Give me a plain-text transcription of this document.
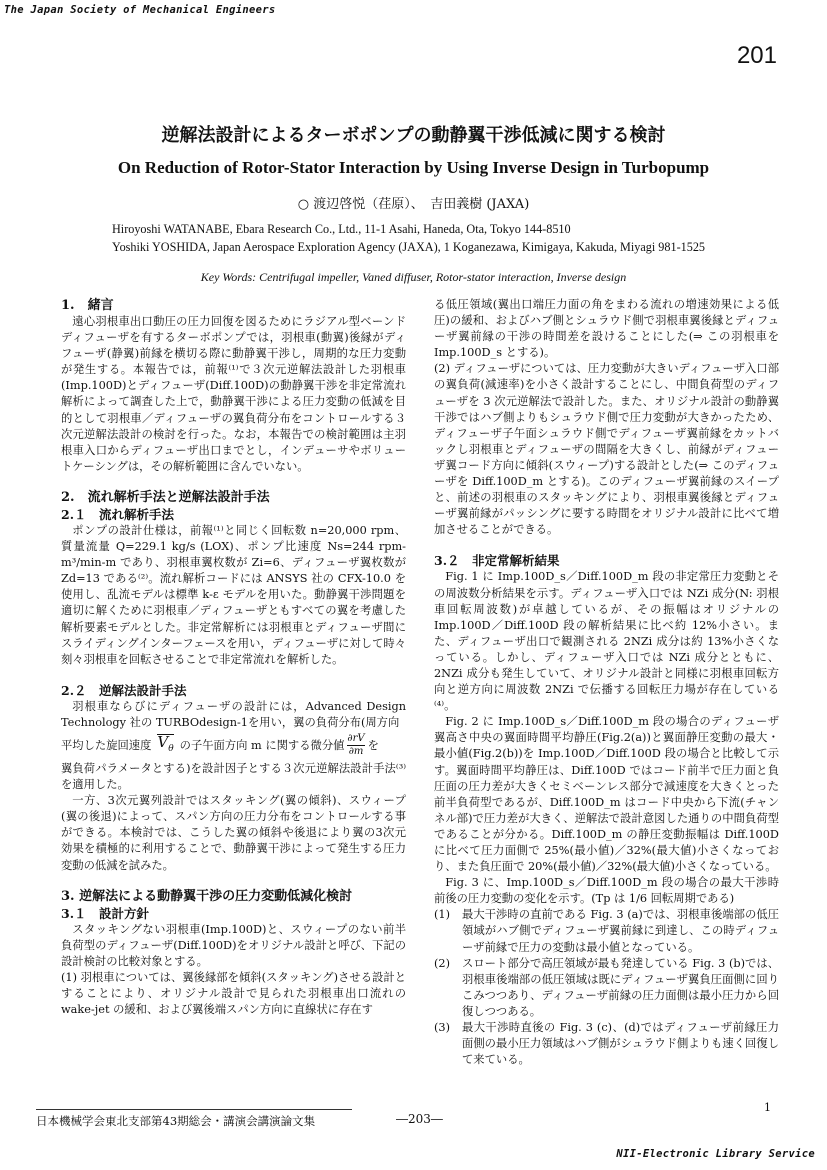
The Japan Society of Mechanical Engineers
201
逆解法設計によるターボポンプの動静翼干渉低減に関する検討
On Reduction of Rotor-Stator Interaction by Using Inverse Design in Turbopump
○ 渡辺啓悦（荏原）、　吉田義樹 (JAXA)
Hiroyoshi WATANABE, Ebara Research Co., Ltd., 11-1 Asahi, Haneda, Ota, Tokyo 144-8510
Yoshiki YOSHIDA, Japan Aerospace Exploration Agency (JAXA), 1 Koganezawa, Kimigaya, Kakuda, Miyagi 981-1525
Key Words: Centrifugal impeller, Vaned diffuser, Rotor-stator interaction, Inverse design

1.　緒言

遠心羽根車出口動圧の圧力回復を図るためにラジアル型ベーンドディフューザを有するターボポンプでは，羽根車(動翼)後縁がディフューザ(静翼)前縁を横切る際に動静翼干渉し，周期的な圧力変動が発生する。本報告では，前報⁽¹⁾で３次元逆解法設計した羽根車(Imp.100D)とディフューザ(Diff.100D)の動静翼干渉を非定常流れ解析によって調査した上で，動静翼干渉による圧力変動の低減を目的として羽根車／ディフューザの翼負荷分布をコントロールする３次元逆解法設計の検討を行った。なお，本報告での検討範囲は主羽根車入口からディフューザ出口までとし，インデューサやボリュートケーシングは，その解析範囲に含んでいない。

2.　流れ解析手法と逆解法設計手法

2.１　流れ解析手法

ポンプの設計仕様は，前報⁽¹⁾と同じく回転数 n=20,000 rpm、質量流量 Q=229.1 kg/s (LOX)、ポンプ比速度 Ns=244 rpm-m³/min-m であり、羽根車翼枚数が Zi=6、ディフューザ翼枚数が Zd=13 である⁽²⁾。流れ解析コードには ANSYS 社の CFX-10.0 を使用し、乱流モデルは標準 k-ε モデルを用いた。動静翼干渉問題を適切に解くために羽根車／ディフューザともすべての翼を考慮した解析要素モデルとした。非定常解析には羽根車とディフューザ間にスライディングインターフェースを用い，ディフューザに対して時々刻々羽根車を回転させることで非定常流れを解析した。

2.２　逆解法設計手法

羽根車ならびにディフューザの設計には，Advanced Design Technology 社の TURBOdesign-1を用い，翼の負荷分布(周方向

平均した旋回速度 $V_\theta$ の子午面方向 m に関する微分値 $\frac{\partial rV}{\partial m}$ を

翼負荷パラメータとする)を設計因子とする３次元逆解法設計手法⁽³⁾を適用した。

一方、3次元翼列設計ではスタッキング(翼の傾斜)、スウィープ(翼の後退)によって、スパン方向の圧力分布をコントロールする事ができる。本検討では、こうした翼の傾斜や後退により翼の3次元効果を積極的に利用することで、動静翼干渉によって発生する圧力変動の低減を試みた。

3. 逆解法による動静翼干渉の圧力変動低減化検討

3.１　設計方針

スタッキングない羽根車(Imp.100D)と、スウィープのない前半負荷型のディフューザ(Diff.100D)をオリジナル設計と呼び、下記の設計検討の比較対象とする。

(1) 羽根車については、翼後縁部を傾斜(スタッキング)させる設計とすることにより、オリジナル設計で見られた羽根車出口流れの wake-jet の緩和、および翼後端スパン方向に直線状に存在す

る低圧領域(翼出口端圧力面の角をまわる流れの増速効果による低圧)の緩和、およびハブ側とシュラウド側で羽根車翼後縁とディフューザ翼前縁の干渉の時間差を設けることにした(⇒ この羽根車を Imp.100D_s とする)。

(2) ディフューザについては、圧力変動が大きいディフューザ入口部の翼負荷(減速率)を小さく設計することにし、中間負荷型のディフューザを 3 次元逆解法で設計した。また、オリジナル設計の動静翼干渉ではハブ側よりもシュラウド側で圧力変動が大きかったため、ディフューザ子午面シュラウド側でディフューザ翼前縁をカットバックし羽根車とディフューザの間隔を大きくし、前縁がディフューザ翼コード方向に傾斜(スウィープ)する設計とした(⇒ このディフューザを Diff.100D_m とする)。このディフューザ翼前縁のスイープと、前述の羽根車のスタッキングにより、羽根車翼後縁とディフューザ翼前縁がパッシングに要する時間をオリジナル設計に比べて増加させることができる。

3.２　非定常解析結果

Fig. 1 に Imp.100D_s／Diff.100D_m 段の非定常圧力変動とその周波数分析結果を示す。ディフューザ入口では NZi 成分(N: 羽根車回転周波数)が卓越しているが、その振幅はオリジナルの Imp.100D／Diff.100D 段の解析結果に比べ約 12%小さい。また、ディフューザ出口で観測される 2NZi 成分は約 13%小さくなっている。しかし、ディフューザ入口では NZi 成分とともに、2NZi 成分も発生していて、オリジナル設計と同様に羽根車回転方向と逆方向に周波数 2NZi で伝播する回転圧力場が存在している⁽⁴⁾。

Fig. 2 に Imp.100D_s／Diff.100D_m 段の場合のディフューザ翼高さ中央の翼面時間平均静圧(Fig.2(a))と翼面静圧変動の最大・最小値(Fig.2(b))を Imp.100D／Diff.100D 段の場合と比較して示す。翼面時間平均静圧は、Diff.100D ではコード前半で圧力面と負圧面の圧力差が大きくセミベーンレス部分で減速度を大きくとった前半負荷型であるが、Diff.100D_m はコード中央から下流(チャンネル部)で圧力差が大きく、逆解法で設計意図した通りの中間負荷型であることが分かる。Diff.100D_m の静圧変動振幅は Diff.100D に比べて圧力面側で 25%(最小値)／32%(最大値)小さくなっており、また負圧面で 20%(最小値)／32%(最大値)小さくなっている。

Fig. 3 に、Imp.100D_s／Diff.100D_m 段の場合の最大干渉時前後の圧力変動の変化を示す。(Tp は 1/6 回転周期である)

(1)	最大干渉時の直前である Fig. 3 (a)では、羽根車後端部の低圧領域がハブ側でディフューザ翼前縁に到達し、この時ディフューザ前縁で圧力の変動は最小値となっている。
(2)	スロート部分で高圧領域が最も発達している Fig. 3 (b)では、羽根車後端部の低圧領域は既にディフューザ翼負圧面側に回りこみつつあり、ディフューザ前縁の圧力面側は最小圧力から回復しつつある。
(3)	最大干渉時直後の Fig. 3 (c)、(d)ではディフューザ前縁圧力面側の最小圧力領域はハブ側がシュラウド側よりも速く回復して来ている。
日本機械学会東北支部第43期総会・講演会講演論文集	―203―
1
NII-Electronic Library Service
